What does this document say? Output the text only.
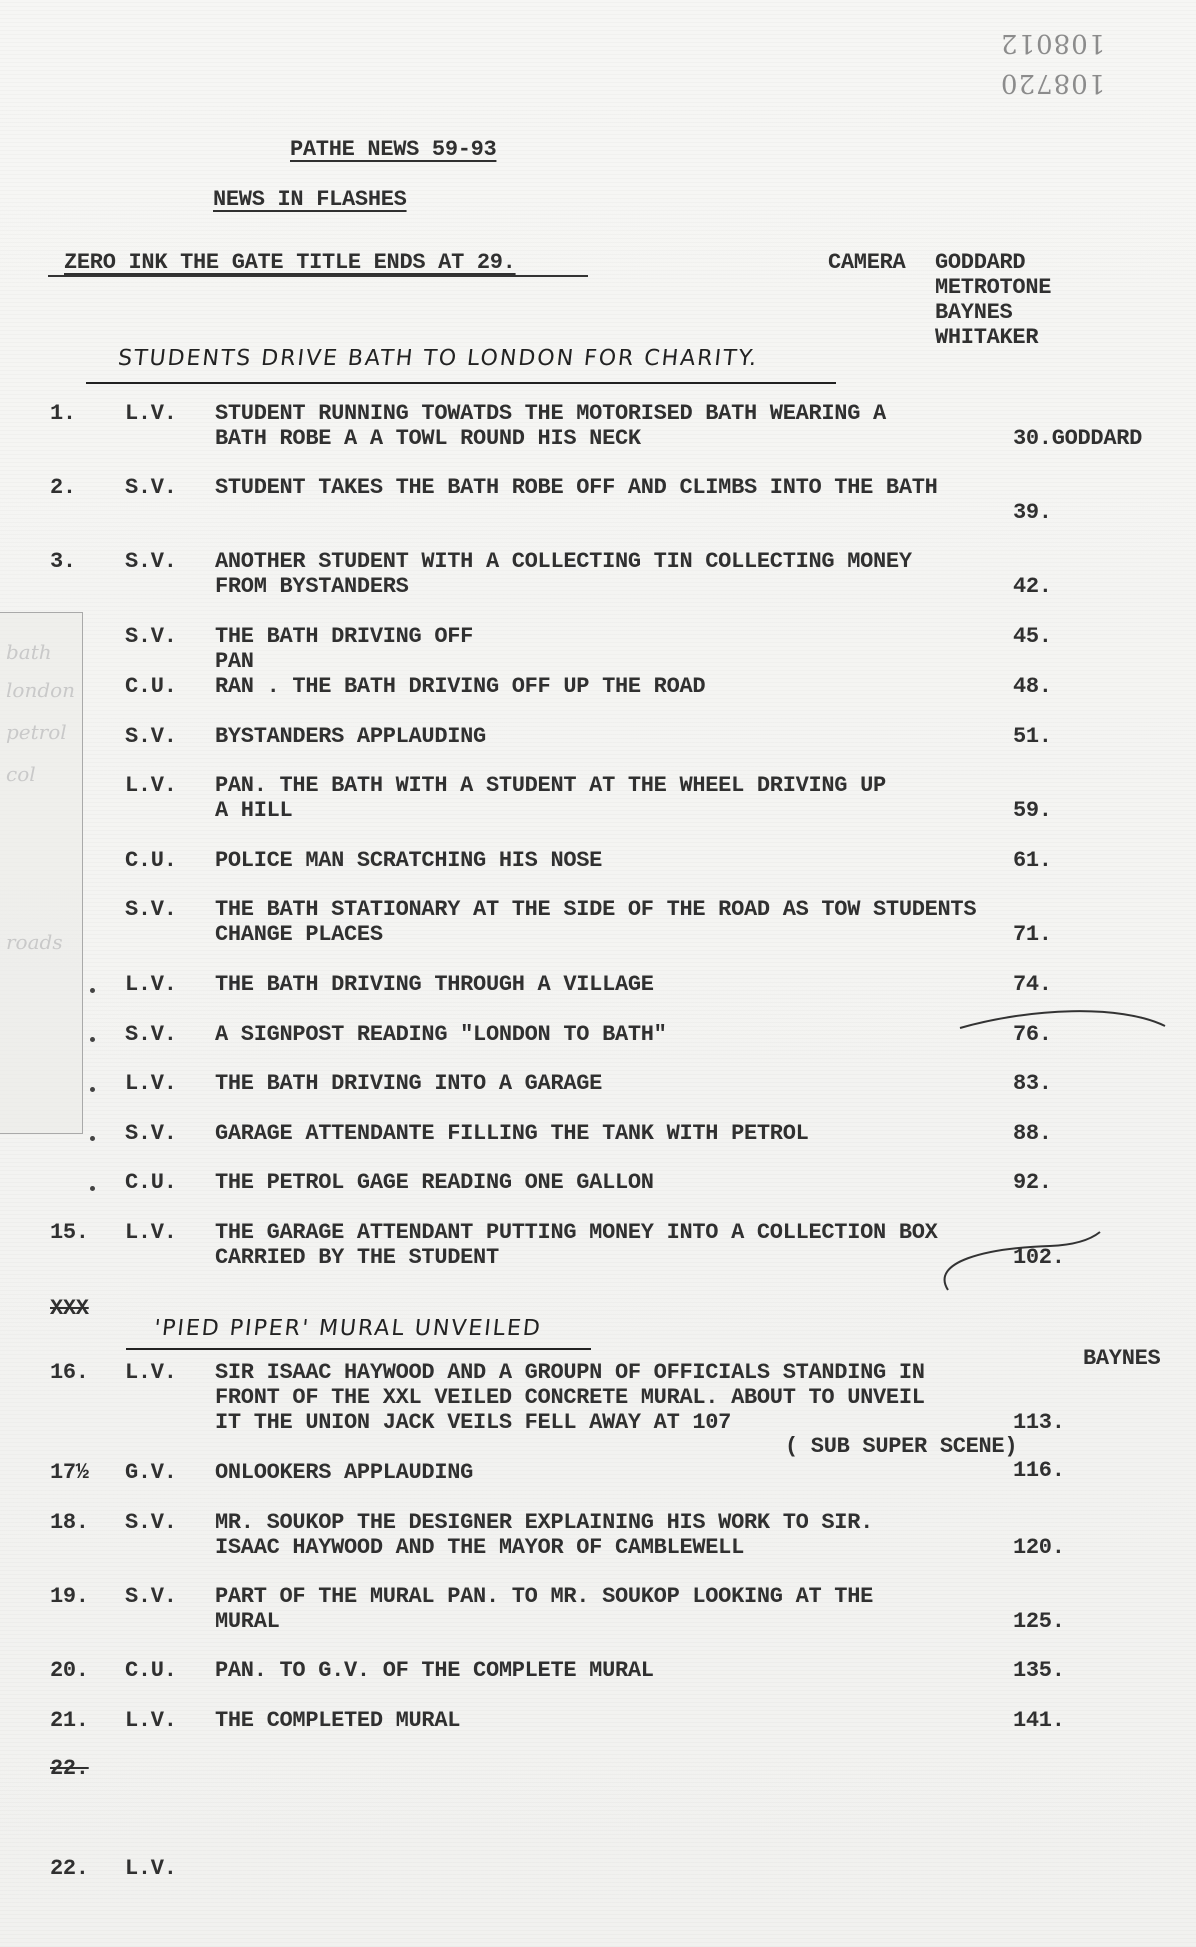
108012
108720
bath
london
petrol
col
roads
PATHE NEWS 59-93
NEWS IN FLASHES
ZERO INK THE GATE TITLE ENDS AT 29.	CAMERA GODDARD
METROTONE
BAYNES
WHITAKER
STUDENTS DRIVE BATH TO LONDON FOR CHARITY.
1. L.V. STUDENT RUNNING TOWATDS THE MOTORISED BATH WEARING A
BATH ROBE A A TOWL ROUND HIS NECK	30.GODDARD
2. S.V. STUDENT TAKES THE BATH ROBE OFF AND CLIMBS INTO THE BATH
39.
3. S.V. ANOTHER STUDENT WITH A COLLECTING TIN COLLECTING MONEY
FROM BYSTANDERS	42.
S.V. THE BATH DRIVING OFF
PAN
45.
C.U. RAN . THE BATH DRIVING OFF UP THE ROAD	48.
S.V. BYSTANDERS APPLAUDING	51.
L.V. PAN. THE BATH WITH A STUDENT AT THE WHEEL DRIVING UP
A HILL	59.
C.U. POLICE MAN SCRATCHING HIS NOSE	61.
S.V. THE BATH STATIONARY AT THE SIDE OF THE ROAD AS TOW STUDENTS
CHANGE PLACES	71.
L.V. THE BATH DRIVING THROUGH A VILLAGE	74.
S.V. A SIGNPOST READING "LONDON TO BATH"	76.
L.V. THE BATH DRIVING INTO A GARAGE	83.
S.V. GARAGE ATTENDANTE FILLING THE TANK WITH PETROL	88.
C.U. THE PETROL GAGE READING ONE GALLON	92.
15. L.V. THE GARAGE ATTENDANT PUTTING MONEY INTO A COLLECTION BOX
CARRIED BY THE STUDENT	102.
XXX
'PIED PIPER' MURAL UNVEILED
BAYNES
16. L.V. SIR ISAAC HAYWOOD AND A GROUPN OF OFFICIALS STANDING IN
FRONT OF THE XXL VEILED CONCRETE MURAL. ABOUT TO UNVEIL
IT THE UNION JACK VEILS FELL AWAY AT 107	113.
( SUB SUPER SCENE)
17½ G.V. ONLOOKERS APPLAUDING	116.
18. S.V. MR. SOUKOP THE DESIGNER EXPLAINING HIS WORK TO SIR.
ISAAC HAYWOOD AND THE MAYOR OF CAMBLEWELL	120.
19. S.V. PART OF THE MURAL PAN. TO MR. SOUKOP LOOKING AT THE
MURAL	125.
20. C.U. PAN. TO G.V. OF THE COMPLETE MURAL	135.
21. L.V. THE COMPLETED MURAL	141.
22.
22. L.V.
